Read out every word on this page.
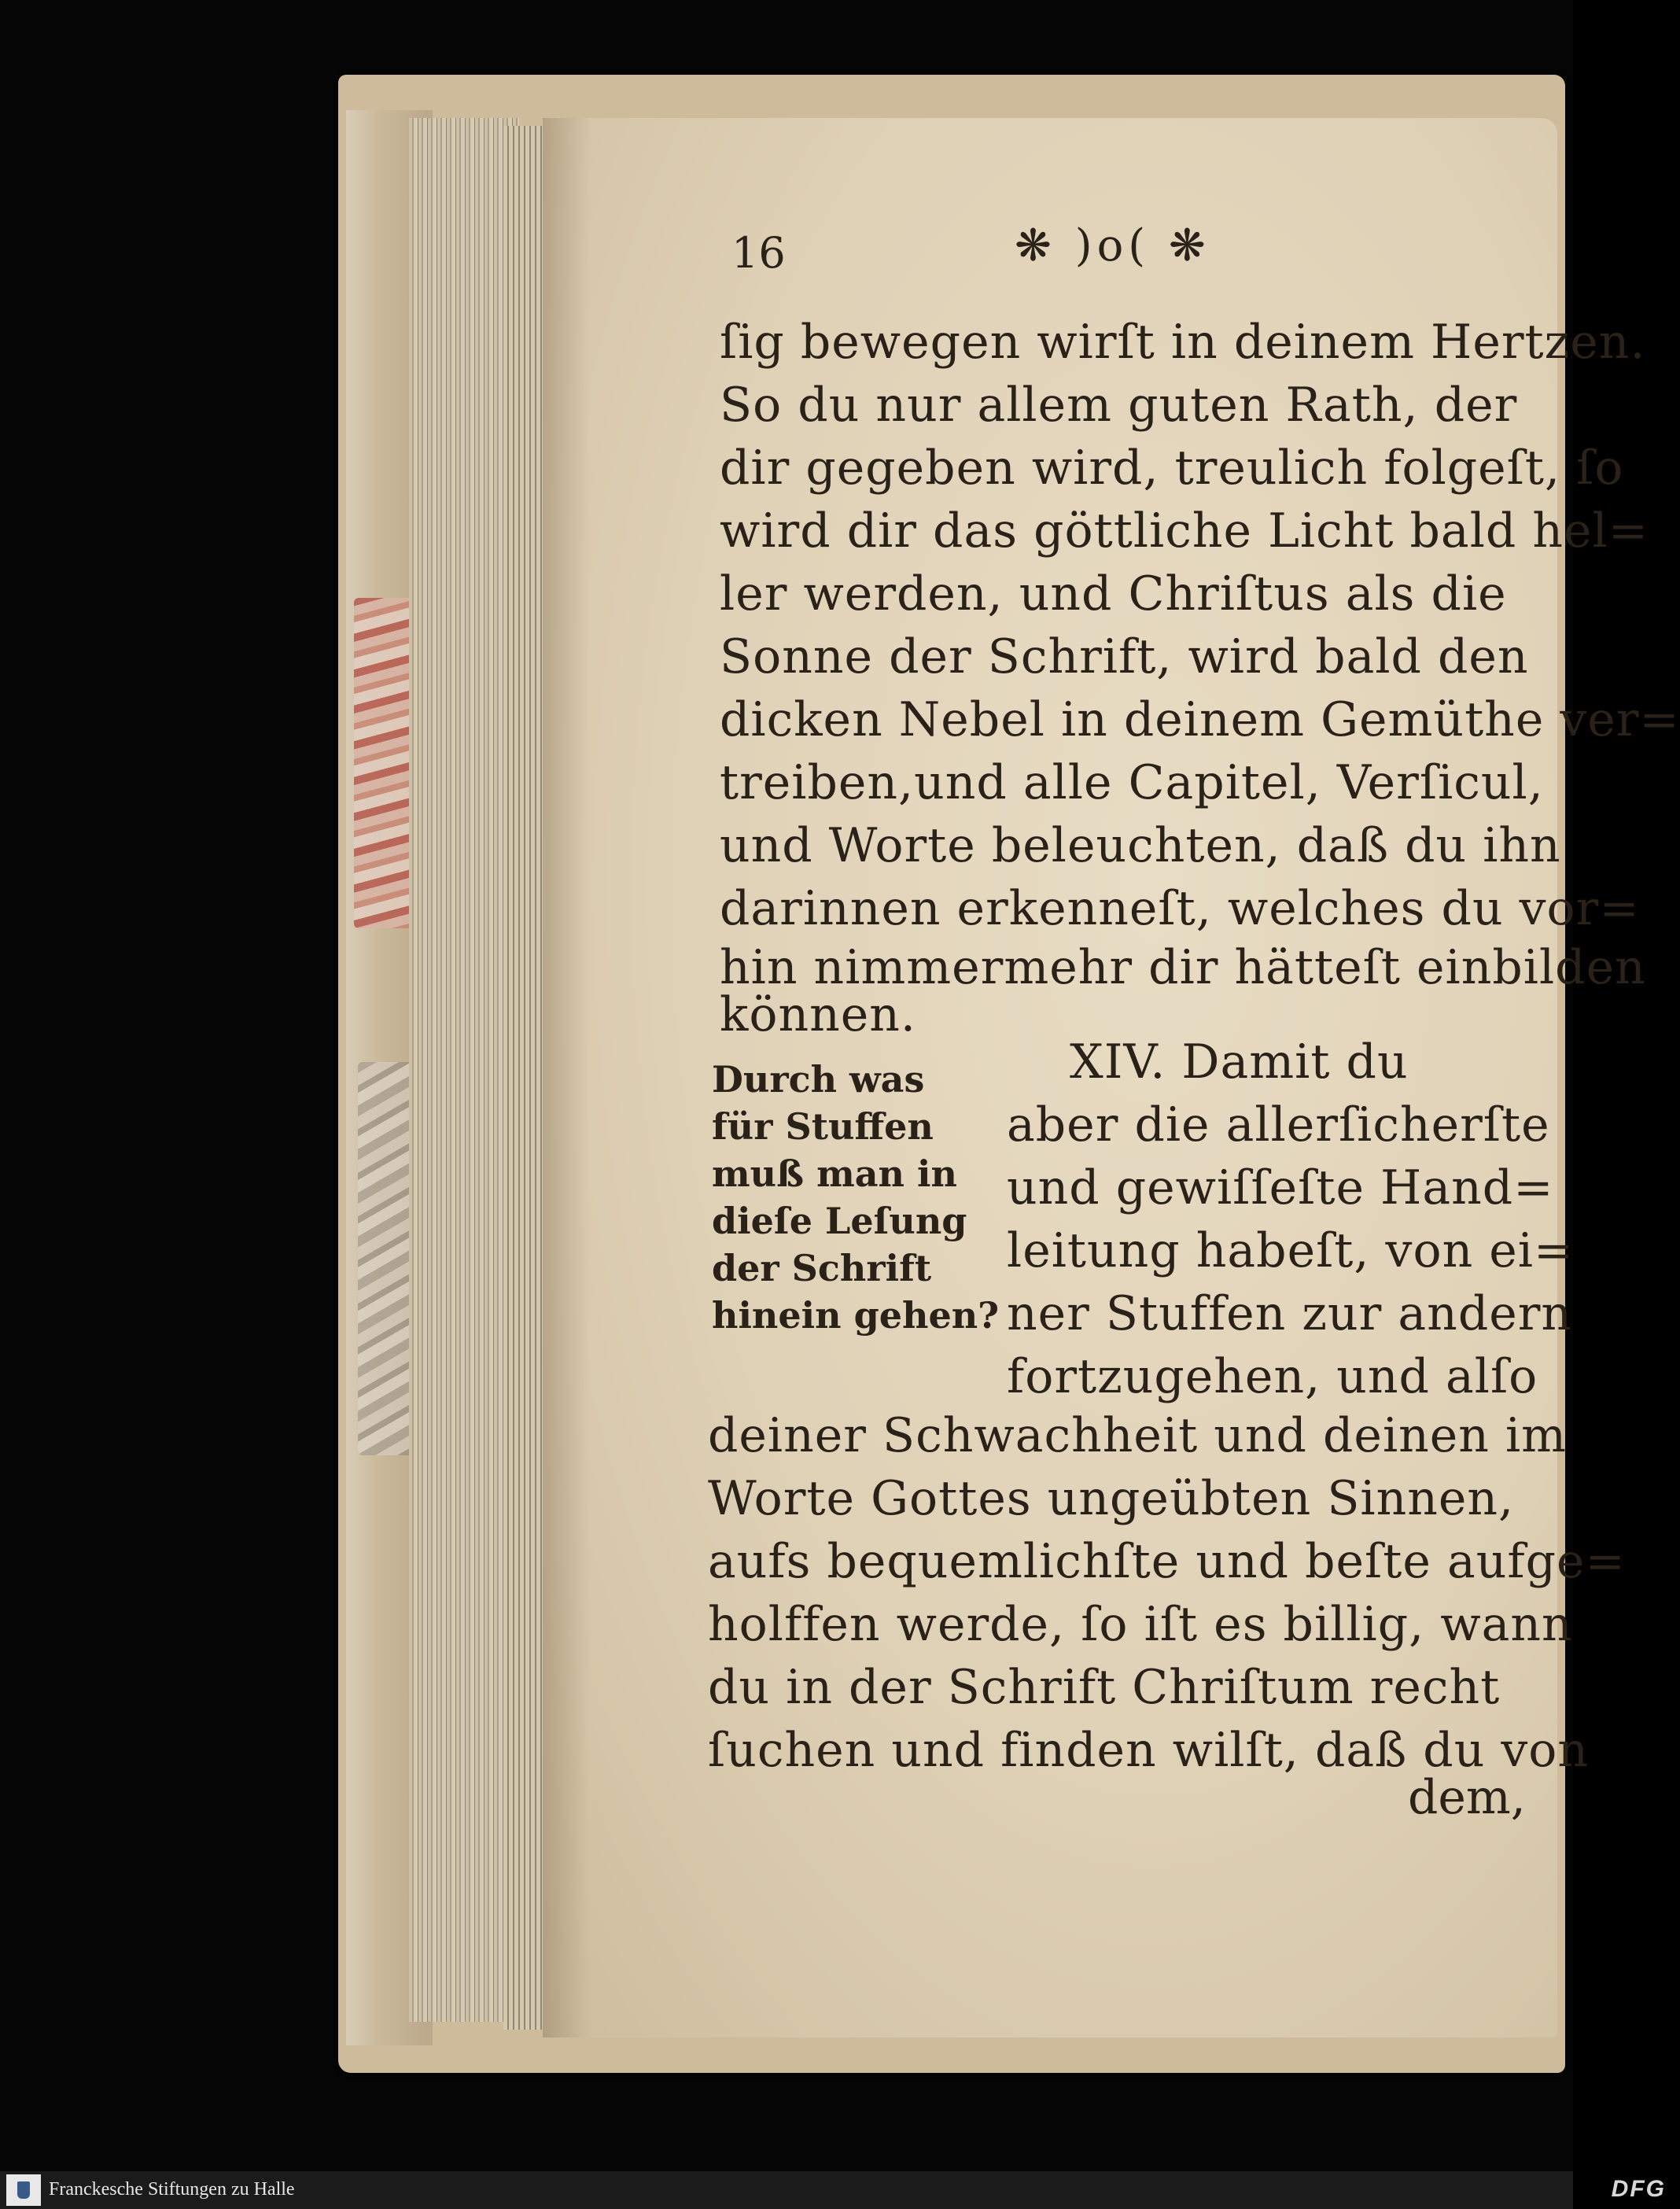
16	❋ )o( ❋
ſig bewegen wirſt in deinem Hertzen.
So du nur allem guten Rath, der
dir gegeben wird, treulich folgeſt, ſo
wird dir das göttliche Licht bald hel=
ler werden, und Chriſtus als die
Sonne der Schrift, wird bald den
dicken Nebel in deinem Gemüthe ver=
treiben,und alle Capitel, Verſicul,
und Worte beleuchten, daß du ihn
darinnen erkenneſt, welches du vor=
hin nimmermehr dir hätteſt einbilden
können.
XIV. Damit du
aber die allerſicherſte
und gewiſſeſte Hand=
leitung habeſt, von ei=
ner Stuffen zur andern
fortzugehen, und alſo
Durch was
für Stuffen
muß man in
dieſe Leſung
der Schrift
hinein gehen?
deiner Schwachheit und deinen im
Worte Gottes ungeübten Sinnen,
aufs bequemlichſte und beſte aufge=
holffen werde, ſo iſt es billig, wann
du in der Schrift Chriſtum recht
ſuchen und finden wilſt, daß du von
dem,
Franckesche Stiftungen zu Halle	DFG
